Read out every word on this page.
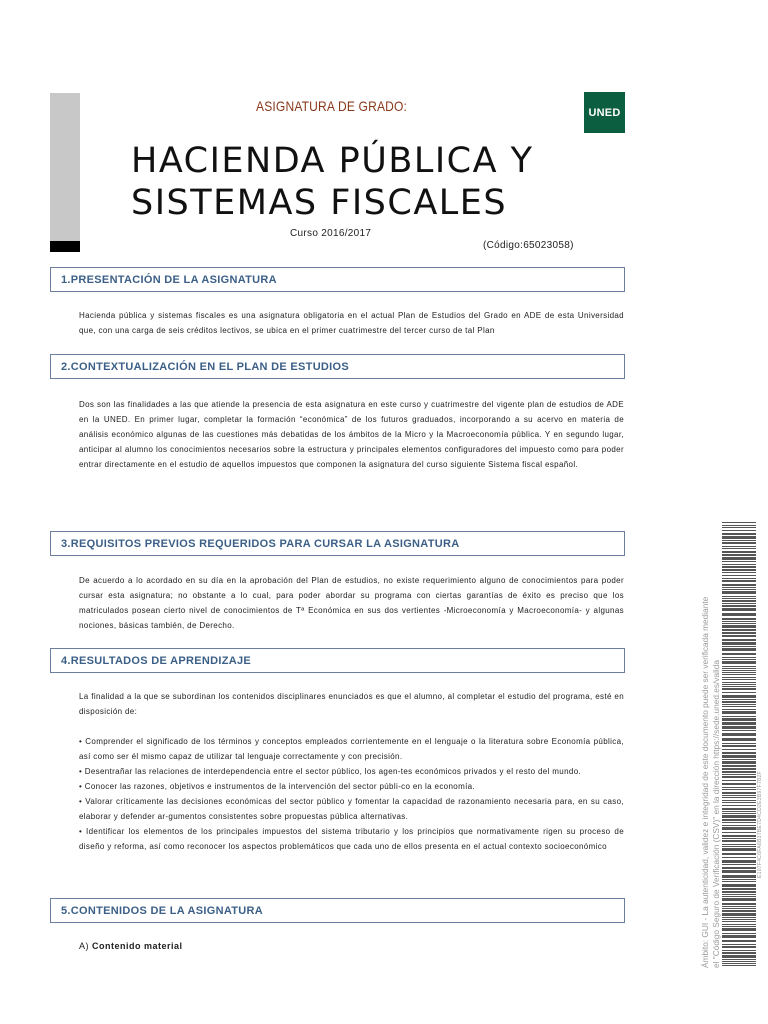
ASIGNATURA DE GRADO:	UNED
HACIENDA PÚBLICA Y
SISTEMAS FISCALES
Curso 2016/2017
(Código:65023058)
1.PRESENTACIÓN DE LA ASIGNATURA

Hacienda pública y sistemas fiscales es una asignatura obligatoria en el actual Plan de Estudios del Grado en ADE de esta Universidad que, con una carga de seis créditos lectivos, se ubica en el primer cuatrimestre del tercer curso de tal Plan

2.CONTEXTUALIZACIÓN EN EL PLAN DE ESTUDIOS

Dos son las finalidades a las que atiende la presencia de esta asignatura en este curso y cuatrimestre del vigente plan de estudios de ADE en la UNED. En primer lugar, completar la formación “económica” de los futuros graduados, incorporando a su acervo en materia de análisis económico algunas de las cuestiones más debatidas de los ámbitos de la Micro y la Macroeconomía pública. Y en segundo lugar, anticipar al alumno los conocimientos necesarios sobre la estructura y principales elementos configuradores del impuesto como para poder entrar directamente en el estudio de aquellos impuestos que componen la asignatura del curso siguiente Sistema fiscal español.

3.REQUISITOS PREVIOS REQUERIDOS PARA CURSAR LA ASIGNATURA

De acuerdo a lo acordado en su día en la aprobación del Plan de estudios, no existe requerimiento alguno de conocimientos para poder cursar esta asignatura; no obstante a lo cual, para poder abordar su programa con ciertas garantías de éxito es preciso que los matriculados posean cierto nivel de conocimientos de Tª Económica en sus dos vertientes -Microeconomía y Macroeconomía- y algunas nociones, básicas también, de Derecho.

4.RESULTADOS DE APRENDIZAJE

La finalidad a la que se subordinan los contenidos disciplinares enunciados es que el alumno, al completar el estudio del programa, esté en disposición de:

• Comprender el significado de los términos y conceptos empleados corrientemente en el lenguaje o la literatura sobre Economía pública, así como ser él mismo capaz de utilizar tal lenguaje correctamente y con precisión.

• Desentrañar las relaciones de interdependencia entre el sector público, los agen-tes económicos privados y el resto del mundo.

• Conocer las razones, objetivos e instrumentos de la intervención del sector públi-co en la economía.

• Valorar críticamente las decisiones económicas del sector público y fomentar la capacidad de razonamiento necesaria para, en su caso, elaborar y defender ar-gumentos consistentes sobre propuestas pública alternativas.

• Identificar los elementos de los principales impuestos del sistema tributario y los principios que normativamente rigen su proceso de diseño y reforma, así como reconocer los aspectos problemáticos que cada uno de ellos presenta en el actual contexto socioeconómico

5.CONTENIDOS DE LA ASIGNATURA
A) Contenido material	Ámbito: GUI - La autenticidad, validez e integridad de este documento puede ser verificada mediante el "Código Seguro de Verificación (CSV)" en la dirección https://sede.uned.es/valida	E107F4C6FA6B37BE7D4CD2E3B97F7B2F
